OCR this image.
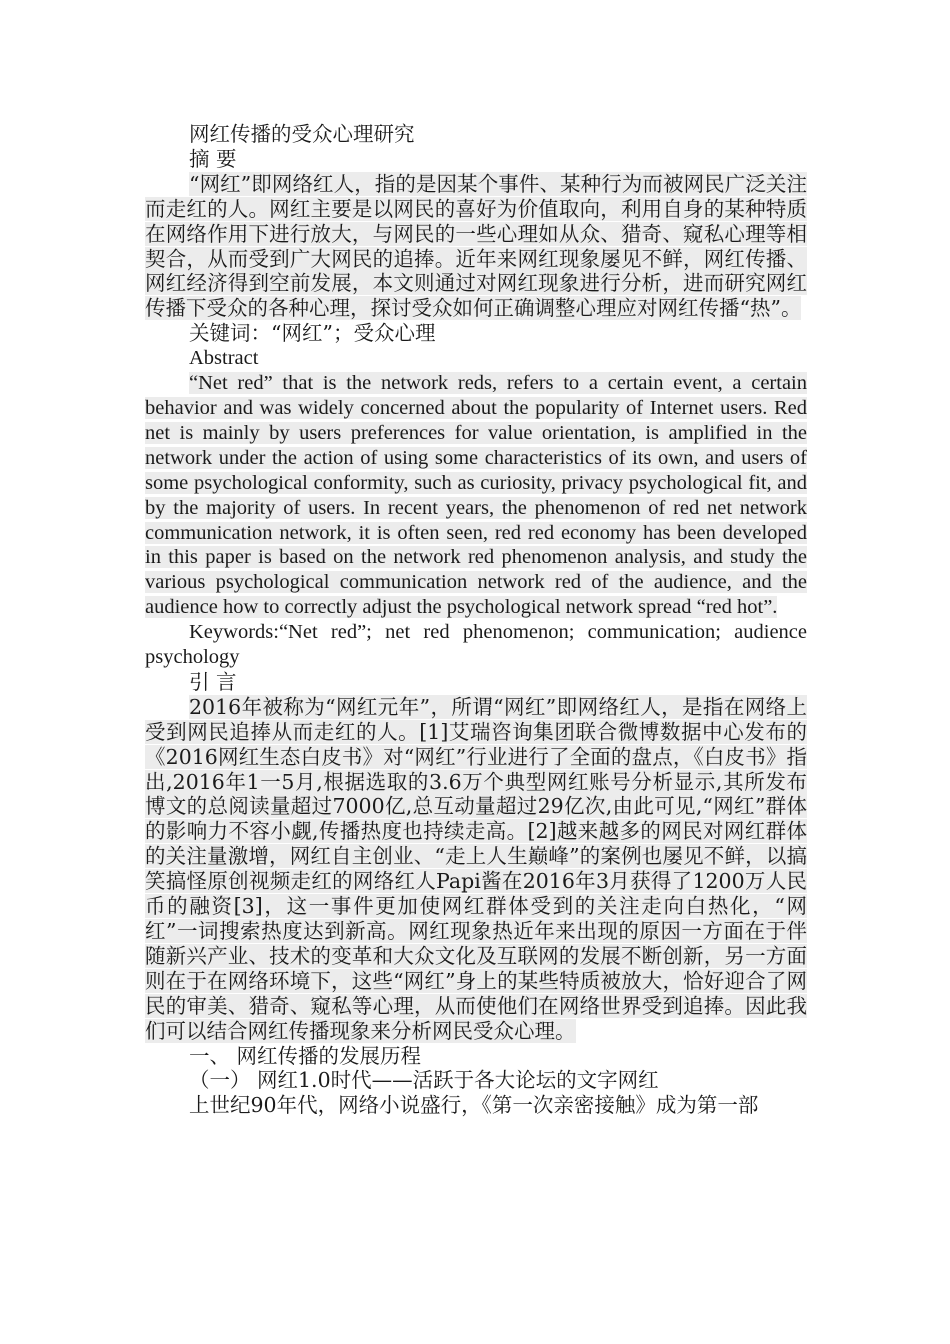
网红传播的受众心理研究

摘 要

“网红”即网络红人，指的是因某个事件、某种行为而被网民广泛关注而走红的人。网红主要是以网民的喜好为价值取向，利用自身的某种特质在网络作用下进行放大，与网民的一些心理如从众、猎奇、窥私心理等相契合，从而受到广大网民的追捧。近年来网红现象屡见不鲜，网红传播、网红经济得到空前发展，本文则通过对网红现象进行分析，进而研究网红传播下受众的各种心理，探讨受众如何正确调整心理应对网红传播“热”。

关键词：“网红”；受众心理

Abstract

“Net red” that is the network reds, refers to a certain event, a certain behavior and was widely concerned about the popularity of Internet users. Red net is mainly by users preferences for value orientation, is amplified in the network under the action of using some characteristics of its own, and users of some psychological conformity, such as curiosity, privacy psychological fit, and by the majority of users. In recent years, the phenomenon of red net network communication network, it is often seen, red red economy has been developed in this paper is based on the network red phenomenon analysis, and study the various psychological communication network red of the audience, and the audience how to correctly adjust the psychological network spread “red hot”.

Keywords:“Net red”; net red phenomenon; communication; audience psychology

引 言

2016年被称为“网红元年”，所谓“网红”即网络红人，是指在网络上受到网民追捧从而走红的人。[1]艾瑞咨询集团联合微博数据中心发布的《2016网红生态白皮书》对“网红”行业进行了全面的盘点，《白皮书》指出,2016年1一5月,根据选取的3.6万个典型网红账号分析显示,其所发布博文的总阅读量超过7000亿,总互动量超过29亿次,由此可见,“网红”群体的影响力不容小觑,传播热度也持续走高。[2]越来越多的网民对网红群体的关注量激增，网红自主创业、“走上人生巅峰”的案例也屡见不鲜，以搞笑搞怪原创视频走红的网络红人Papi酱在2016年3月获得了1200万人民币的融资[3]，这一事件更加使网红群体受到的关注走向白热化，“网红”一词搜索热度达到新高。网红现象热近年来出现的原因一方面在于伴随新兴产业、技术的变革和大众文化及互联网的发展不断创新，另一方面则在于在网络环境下，这些“网红”身上的某些特质被放大，恰好迎合了网民的审美、猎奇、窥私等心理，从而使他们在网络世界受到追捧。因此我们可以结合网红传播现象来分析网民受众心理。

一、 网红传播的发展历程

（一） 网红1.0时代——活跃于各大论坛的文字网红

上世纪90年代，网络小说盛行，《第一次亲密接触》成为第一部
